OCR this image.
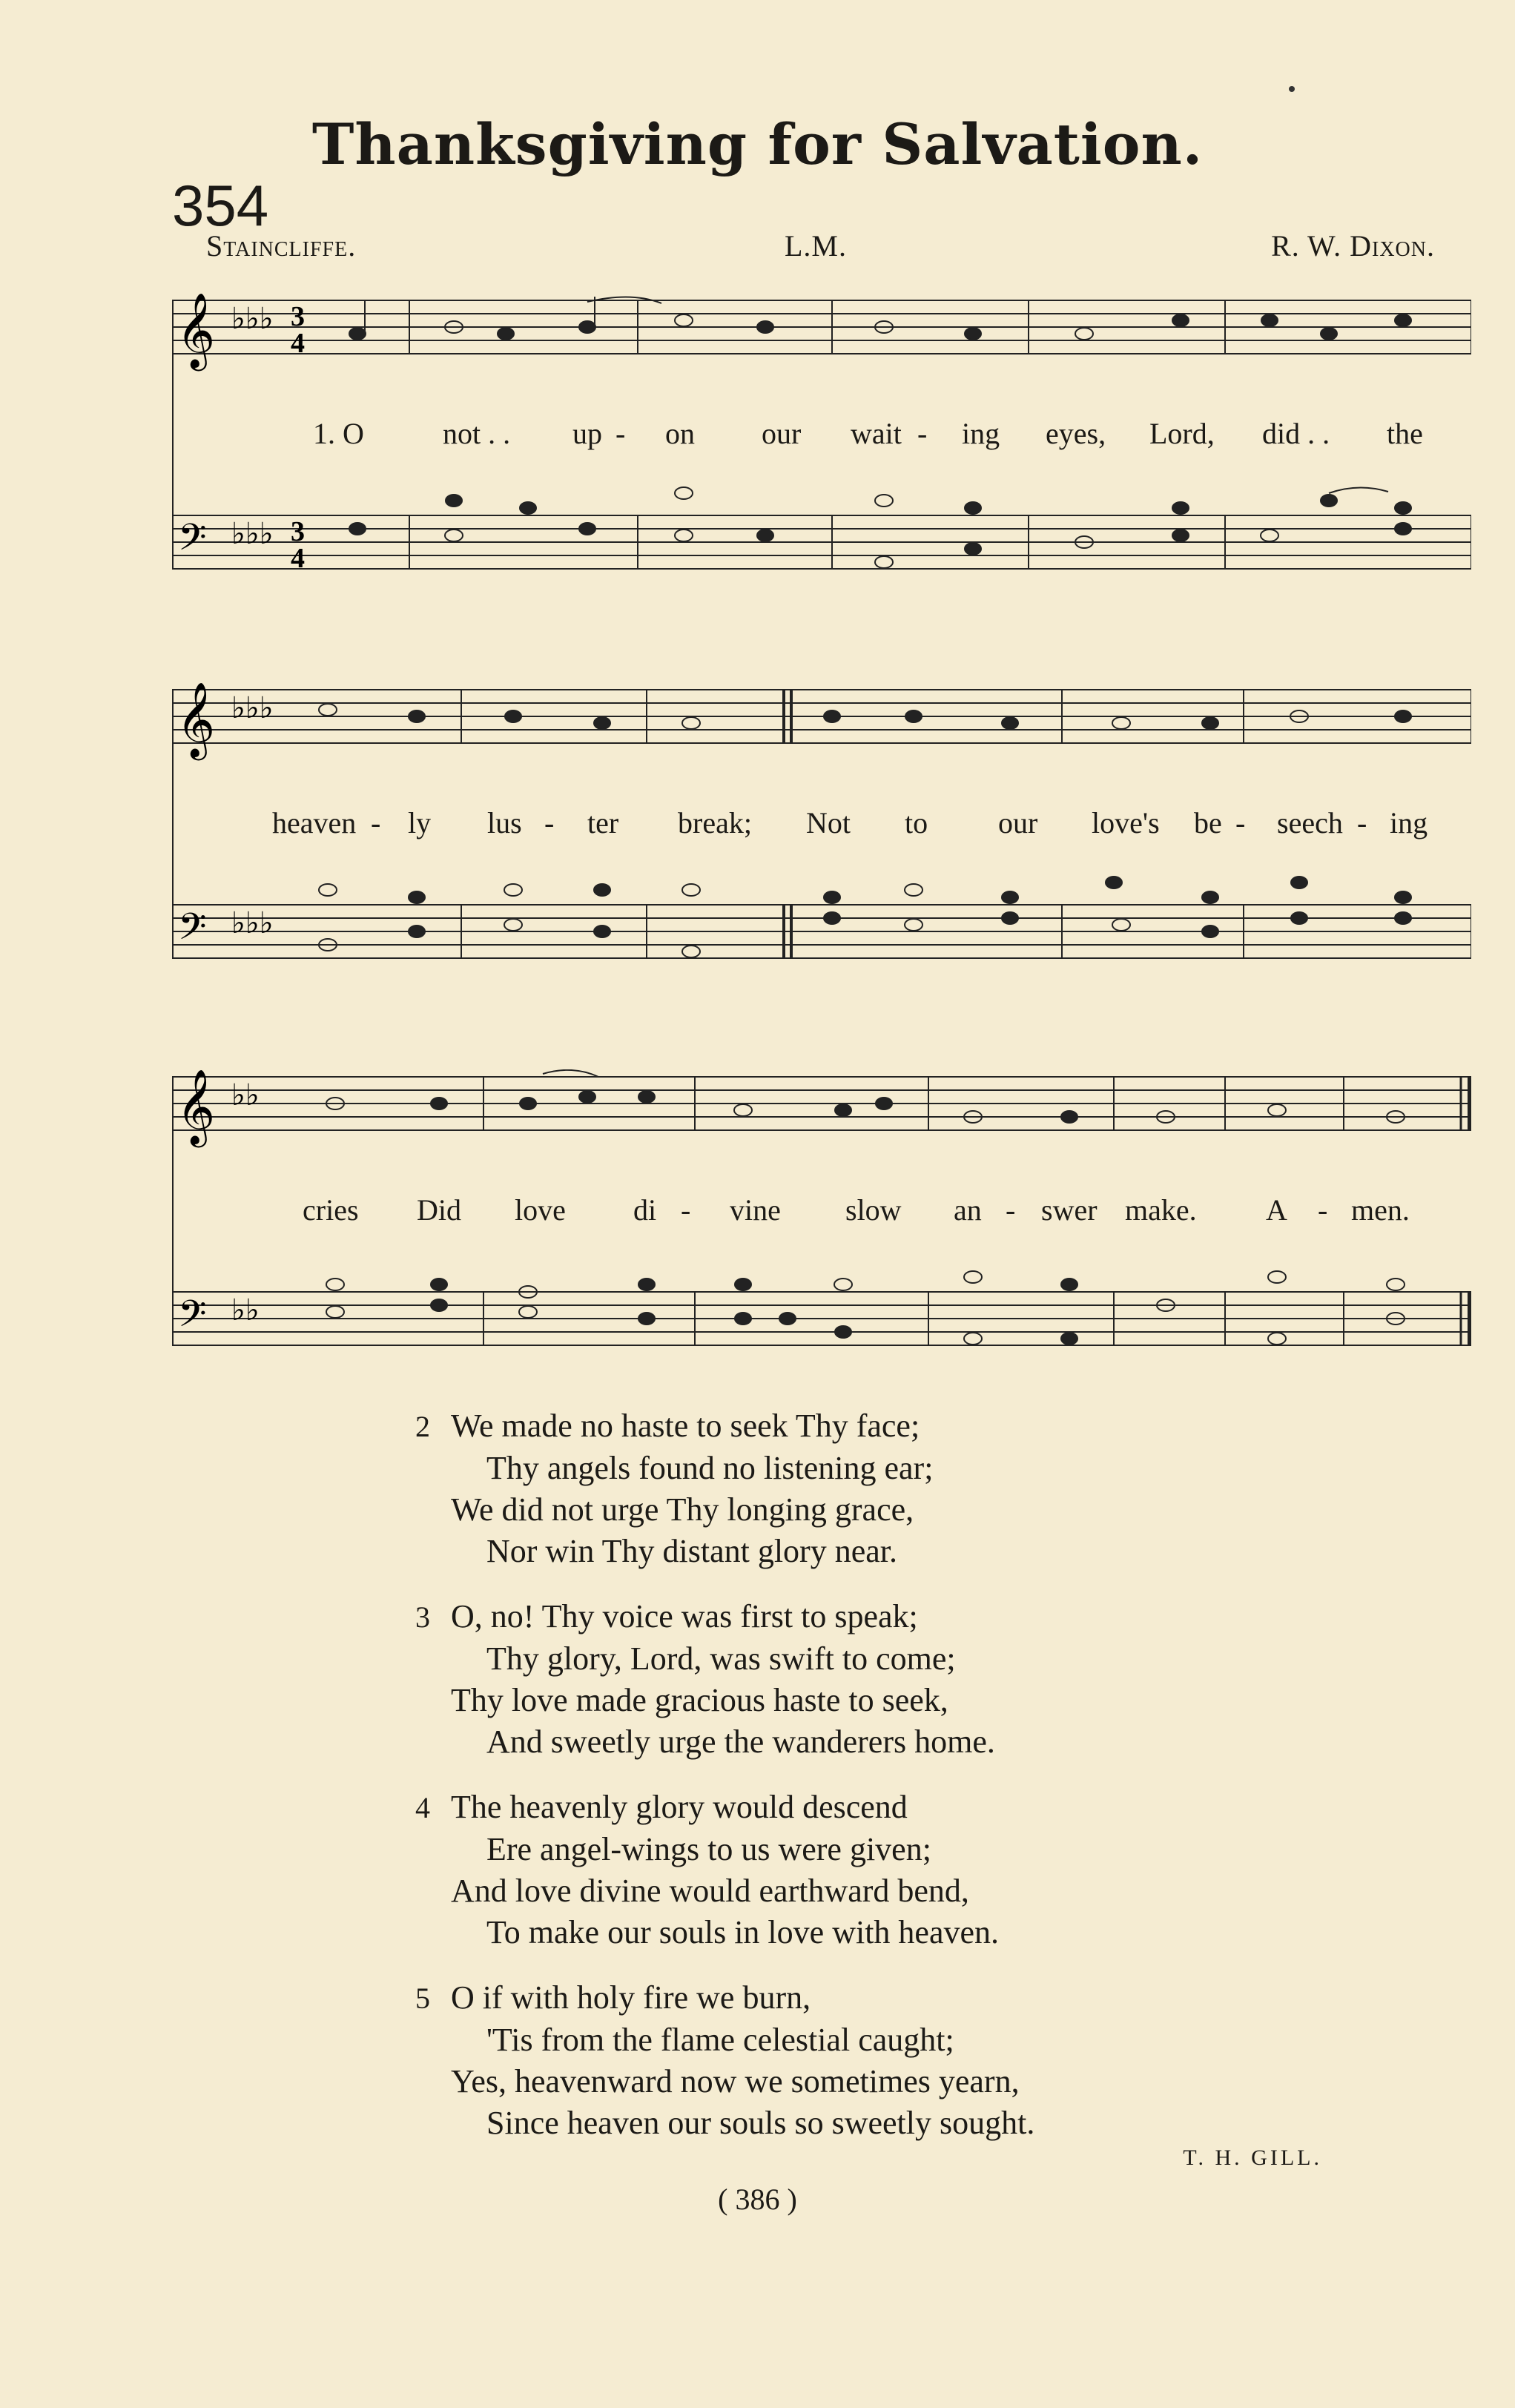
Thanksgiving for Salvation.
354
Staincliffe.	L.M.	R. W. Dixon.
𝄞
𝄢
♭♭♭
♭♭♭
3
4
3
4
1. O	not . . up - on our wait - ing eyes, Lord, did . . the
𝄞
𝄢
♭♭♭
♭♭♭
heaven - ly lus - ter break; Not to our love's be - seech - ing
𝄞
𝄢
♭♭
♭♭
cries Did love di - vine slow an - swer make. A - men.
2 We made no haste to seek Thy face;
Thy angels found no listening ear;
We did not urge Thy longing grace,
Nor win Thy distant glory near.
3 O, no! Thy voice was first to speak;
Thy glory, Lord, was swift to come;
Thy love made gracious haste to seek,
And sweetly urge the wanderers home.
4 The heavenly glory would descend
Ere angel-wings to us were given;
And love divine would earthward bend,
To make our souls in love with heaven.
5 O if with holy fire we burn,
'Tis from the flame celestial caught;
Yes, heavenward now we sometimes yearn,
Since heaven our souls so sweetly sought.
T. H. GILL.
( 386 )
